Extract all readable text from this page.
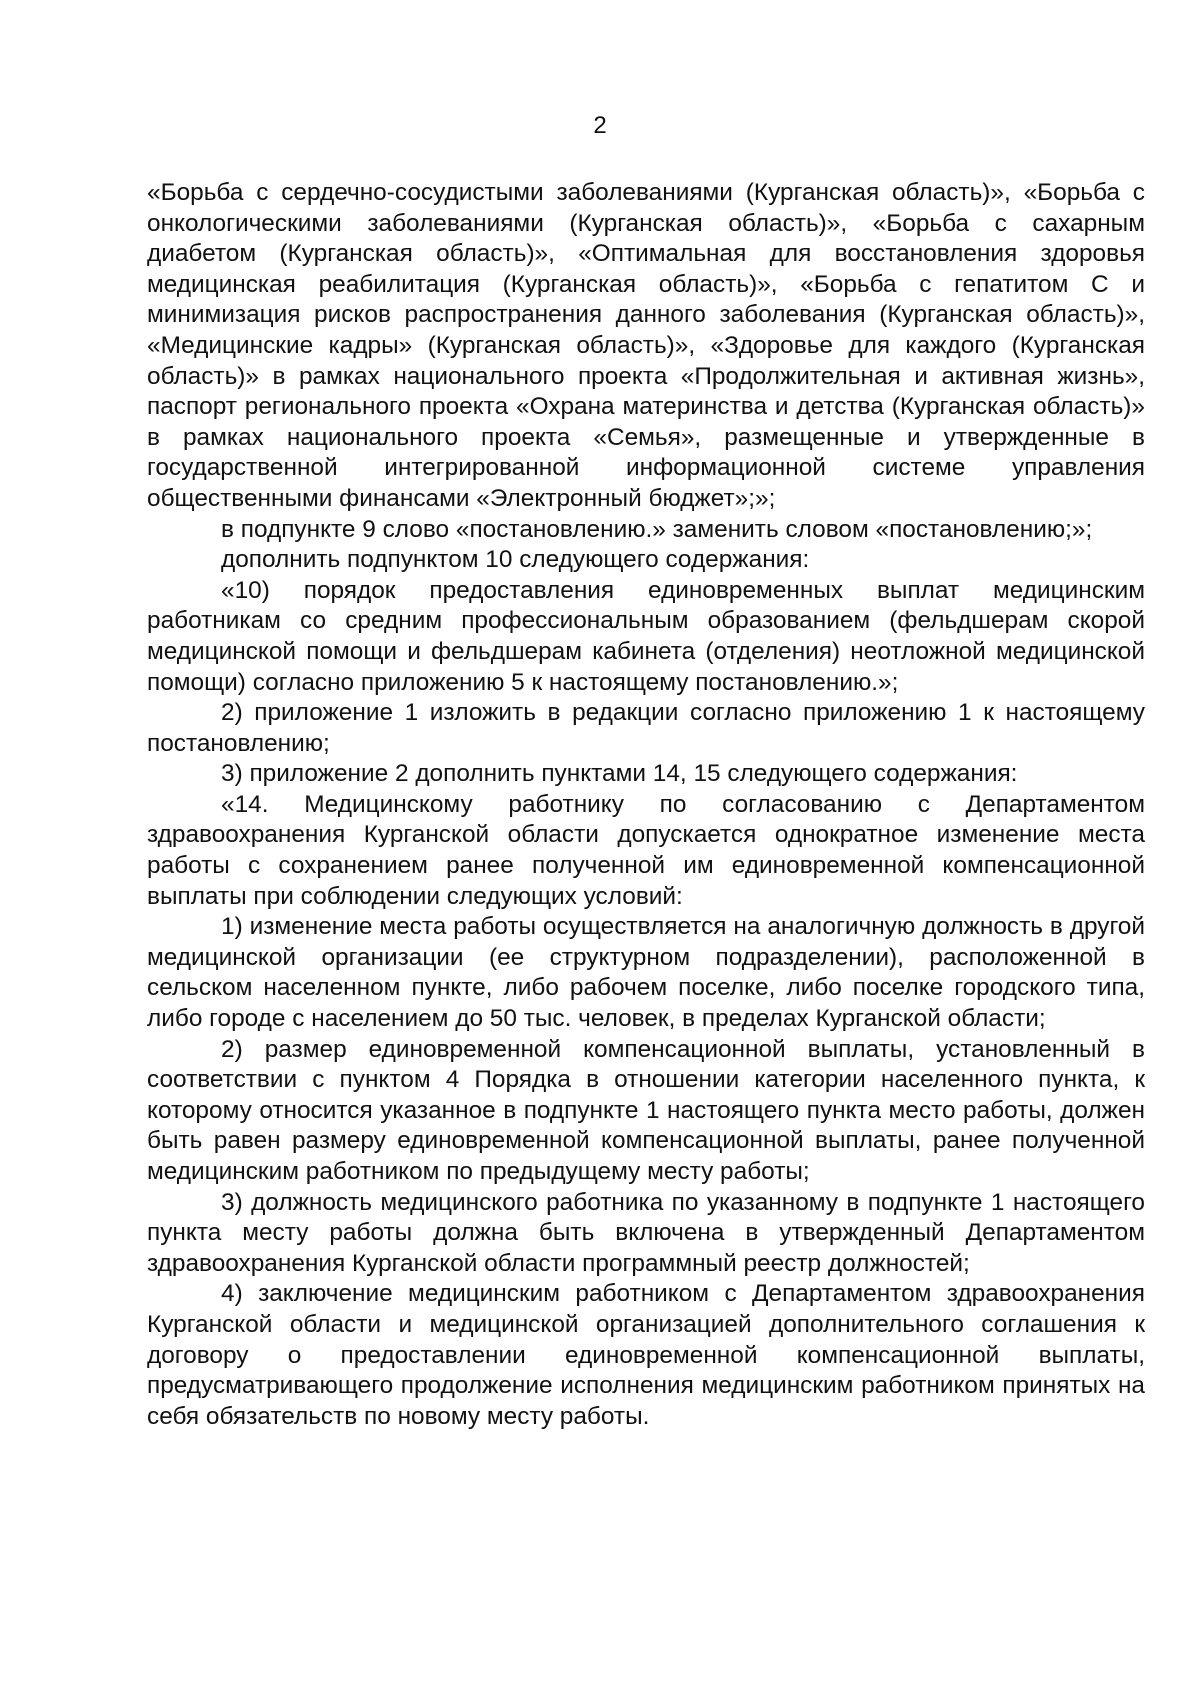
2

«Борьба с сердечно-сосудистыми заболеваниями (Курганская область)», «Борьба с онкологическими заболеваниями (Курганская область)», «Борьба с сахарным диабетом (Курганская область)», «Оптимальная для восстановления здоровья медицинская реабилитация (Курганская область)», «Борьба с гепатитом С и минимизация рисков распространения данного заболевания (Курганская область)», «Медицинские кадры» (Курганская область)», «Здоровье для каждого (Курганская область)» в рамках национального проекта «Продолжительная и активная жизнь», паспорт регионального проекта «Охрана материнства и детства (Курганская область)» в рамках национального проекта «Семья», размещенные и утвержденные в государственной интегрированной информационной системе управления общественными финансами «Электронный бюджет»;»;

в подпункте 9 слово «постановлению.» заменить словом «постановлению;»;

дополнить подпунктом 10 следующего содержания:

«10) порядок предоставления единовременных выплат медицинским работникам со средним профессиональным образованием (фельдшерам скорой медицинской помощи и фельдшерам кабинета (отделения) неотложной медицинской помощи) согласно приложению 5 к настоящему постановлению.»;

2) приложение 1 изложить в редакции согласно приложению 1 к настоящему постановлению;

3) приложение 2 дополнить пунктами 14, 15 следующего содержания:

«14. Медицинскому работнику по согласованию с Департаментом здравоохранения Курганской области допускается однократное изменение места работы с сохранением ранее полученной им единовременной компенсационной выплаты при соблюдении следующих условий:

1) изменение места работы осуществляется на аналогичную должность в другой медицинской организации (ее структурном подразделении), расположенной в сельском населенном пункте, либо рабочем поселке, либо поселке городского типа, либо городе с населением до 50 тыс. человек, в пределах Курганской области;

2) размер единовременной компенсационной выплаты, установленный в соответствии с пунктом 4 Порядка в отношении категории населенного пункта, к которому относится указанное в подпункте 1 настоящего пункта место работы, должен быть равен размеру единовременной компенсационной выплаты, ранее полученной медицинским работником по предыдущему месту работы;

3) должность медицинского работника по указанному в подпункте 1 настоящего пункта месту работы должна быть включена в утвержденный Департаментом здравоохранения Курганской области программный реестр должностей;

4) заключение медицинским работником с Департаментом здравоохранения Курганской области и медицинской организацией дополнительного соглашения к договору о предоставлении единовременной компенсационной выплаты, предусматривающего продолжение исполнения медицинским работником принятых на себя обязательств по новому месту работы.
